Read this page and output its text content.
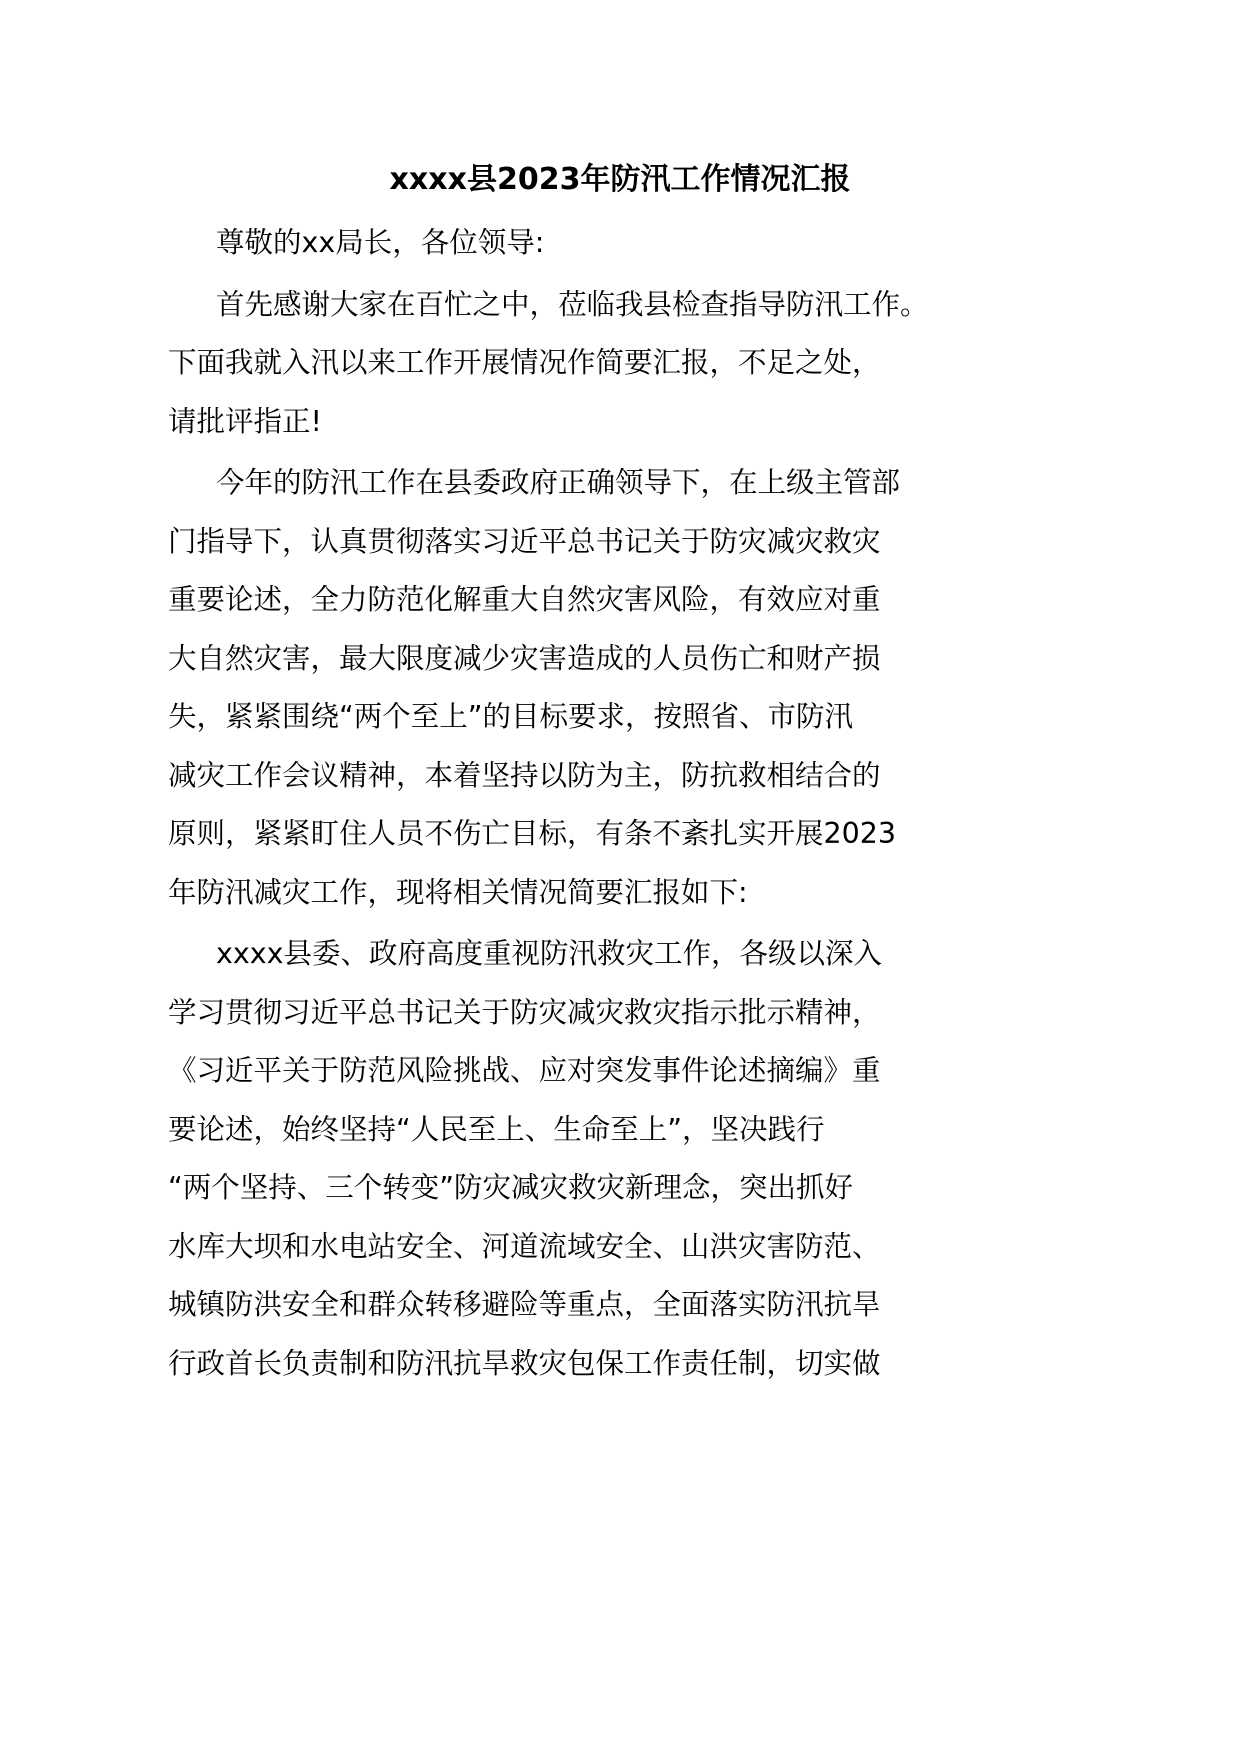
xxxx县2023年防汛工作情况汇报
尊敬的xx局长，各位领导:
首先感谢大家在百忙之中，莅临我县检查指导防汛工作。
下面我就入汛以来工作开展情况作简要汇报，不足之处，
请批评指正!
今年的防汛工作在县委政府正确领导下，在上级主管部
门指导下，认真贯彻落实习近平总书记关于防灾减灾救灾
重要论述，全力防范化解重大自然灾害风险，有效应对重
大自然灾害，最大限度减少灾害造成的人员伤亡和财产损
失，紧紧围绕“两个至上”的目标要求，按照省、市防汛
减灾工作会议精神，本着坚持以防为主，防抗救相结合的
原则，紧紧盯住人员不伤亡目标，有条不紊扎实开展2023
年防汛减灾工作，现将相关情况简要汇报如下:
xxxx县委、政府高度重视防汛救灾工作，各级以深入
学习贯彻习近平总书记关于防灾减灾救灾指示批示精神，
《习近平关于防范风险挑战、应对突发事件论述摘编》重
要论述，始终坚持“人民至上、生命至上”，坚决践行
“两个坚持、三个转变”防灾减灾救灾新理念，突出抓好
水库大坝和水电站安全、河道流域安全、山洪灾害防范、
城镇防洪安全和群众转移避险等重点，全面落实防汛抗旱
行政首长负责制和防汛抗旱救灾包保工作责任制，切实做
